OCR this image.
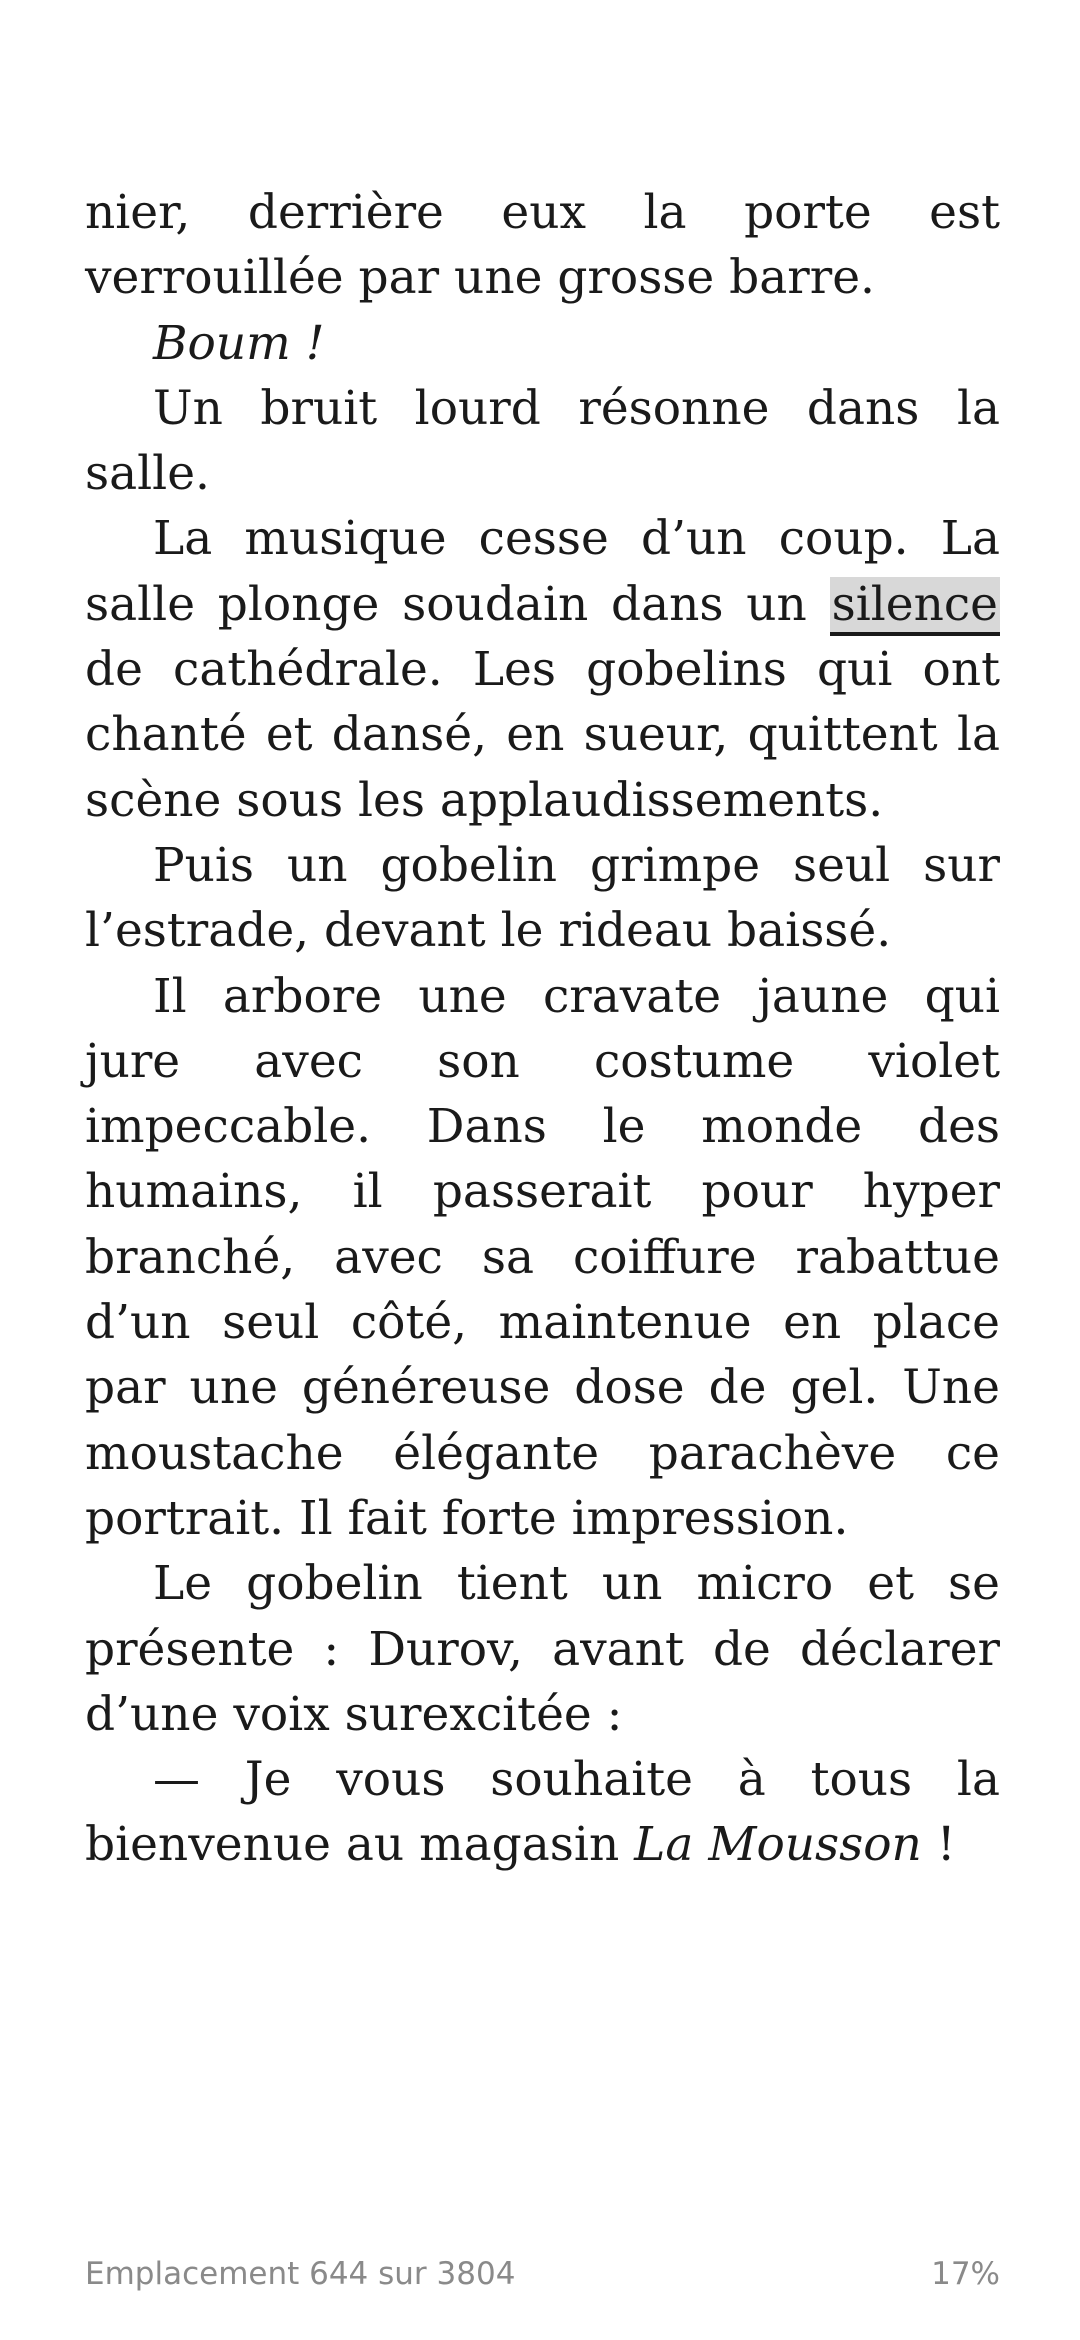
nier, derrière eux la porte est verrouillée par une grosse barre.

Boum !

Un bruit lourd résonne dans la salle.

La musique cesse d’un coup. La salle plonge soudain dans un silence de cathédrale. Les gobelins qui ont chanté et dansé, en sueur, quittent la scène sous les applaudissements.

Puis un gobelin grimpe seul sur l’estrade, devant le rideau baissé.

Il arbore une cravate jaune qui jure avec son costume violet impeccable. Dans le monde des humains, il passerait pour hyper branché, avec sa coiffure rabattue d’un seul côté, maintenue en place par une généreuse dose de gel. Une moustache élégante parachève ce portrait. Il fait forte impression.

Le gobelin tient un micro et se présente : Durov, avant de déclarer d’une voix surexcitée :

— Je vous souhaite à tous la bienvenue au magasin La Mousson !

Emplacement 644 sur 3804	17%
